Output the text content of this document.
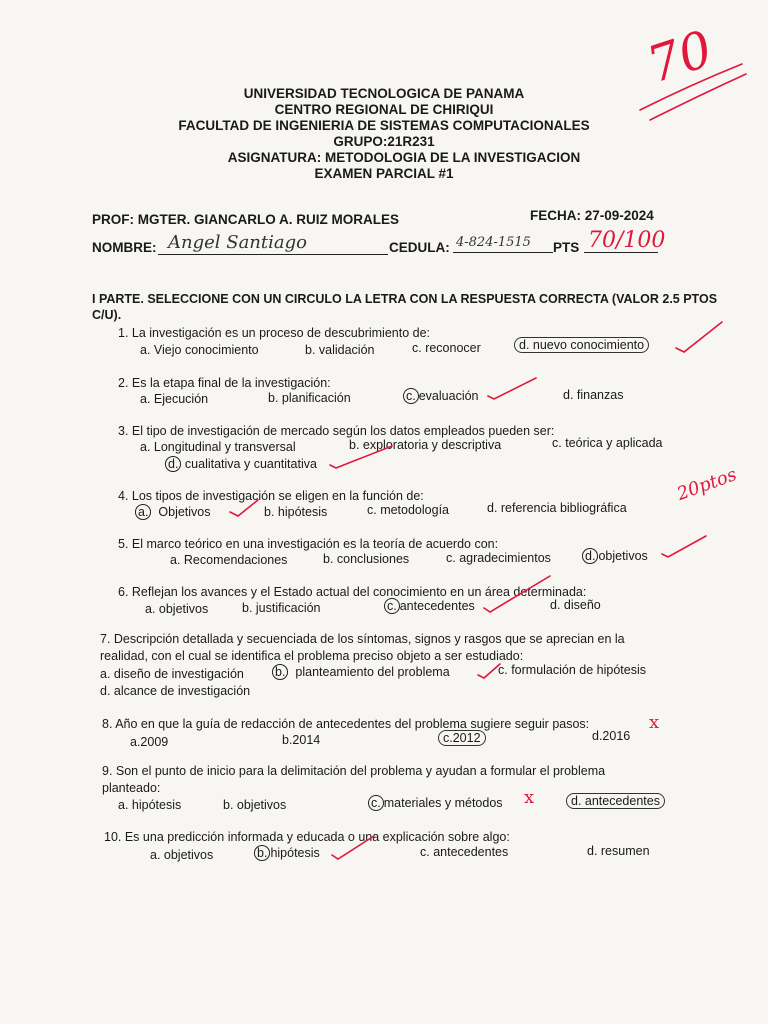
UNIVERSIDAD TECNOLOGICA DE PANAMA
CENTRO REGIONAL DE CHIRIQUI
FACULTAD DE INGENIERIA DE SISTEMAS COMPUTACIONALES
GRUPO:21R231
ASIGNATURA: METODOLOGIA DE LA INVESTIGACION
EXAMEN PARCIAL #1
70
PROF: MGTER. GIANCARLO A. RUIZ MORALES	FECHA: 27-09-2024
NOMBRE: Angel Santiago	CEDULA: 4-824-1515 PTS 70/100
I PARTE. SELECCIONE CON UN CIRCULO LA LETRA CON LA RESPUESTA CORRECTA (VALOR 2.5 PTOS
C/U).
1. La investigación es un proceso de descubrimiento de:
a. Viejo conocimiento	b. validación	c. reconocer	d. nuevo conocimiento
2. Es la etapa final de la investigación:
a. Ejecución	b. planificación	c. evaluación	d. finanzas
3. El tipo de investigación de mercado según los datos empleados pueden ser:
a. Longitudinal y transversal	b. exploratoria y descriptiva	c. teórica y aplicada
d. cualitativa y cuantitativa
4. Los tipos de investigación se eligen en la función de:
a. Objetivos	b. hipótesis	c. metodología	d. referencia bibliográfica
20ptos
5. El marco teórico en una investigación es la teoría de acuerdo con:
a. Recomendaciones	b. conclusiones	c. agradecimientos	d. objetivos
6. Reflejan los avances y el Estado actual del conocimiento en un área determinada:
a. objetivos	b. justificación	c. antecedentes	d. diseño
7. Descripción detallada y secuenciada de los síntomas, signos y rasgos que se aprecian en la
realidad, con el cual se identifica el problema preciso objeto a ser estudiado:
a. diseño de investigación b. planteamiento del problema	c. formulación de hipótesis
d. alcance de investigación
8. Año en que la guía de redacción de antecedentes del problema sugiere seguir pasos:
a.2009	b.2014	c.2012	d.2016
x
9. Son el punto de inicio para la delimitación del problema y ayudan a formular el problema
planteado:
a. hipótesis	b. objetivos	c. materiales y métodos x	d. antecedentes
10. Es una predicción informada y educada o una explicación sobre algo:
a. objetivos	b. hipótesis	c. antecedentes	d. resumen
